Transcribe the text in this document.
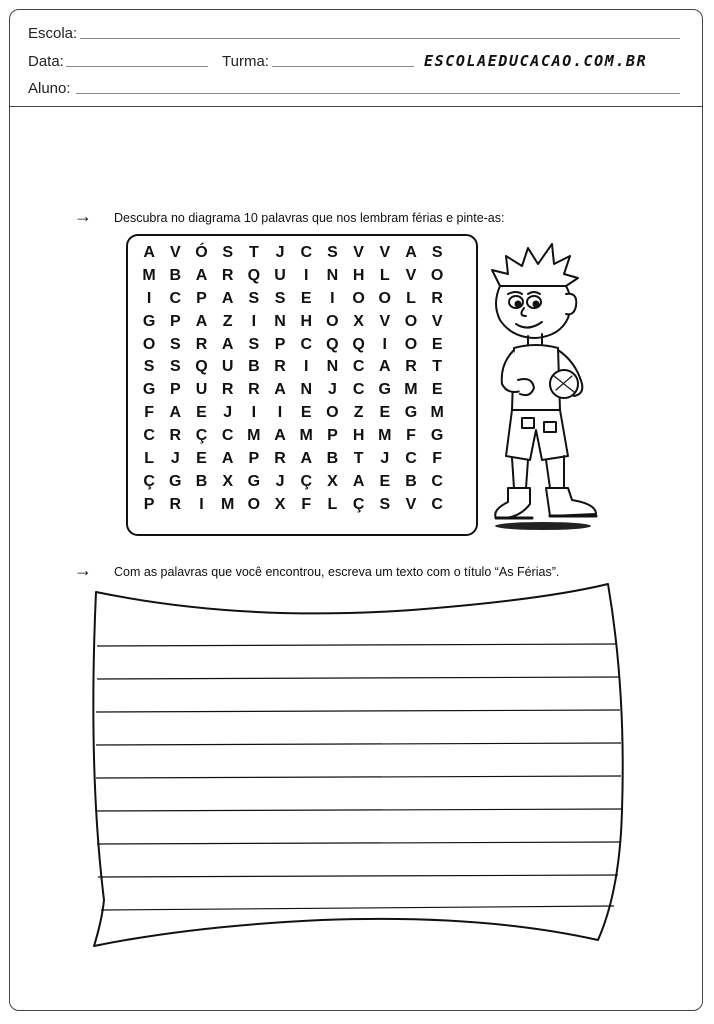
Escola:
Data:	Turma:	ESCOLAEDUCACAO.COM.BR
Aluno:
→ Descubra no diagrama 10 palavras que nos lembram férias e pinte-as:
A V Ó S T	J C S V V A S
M B A R Q U	I	N H L V O
I	C P A S S E	I	O O L R
G P A Z	I	N H O X V O V
O S R A S P C Q Q	I	O E
S S Q U B R	I	N C A R T
G P U R R A N J C G M E
F A E	J	I	I	E O Z E G M
C R Ç C M A M P H M F G
L	J	E A P R A B T	J C F
Ç G B X G J Ç X A E B C
P R	I	M O X F	L Ç S V C
→ Com as palavras que você encontrou, escreva um texto com o título “As Férias”.
